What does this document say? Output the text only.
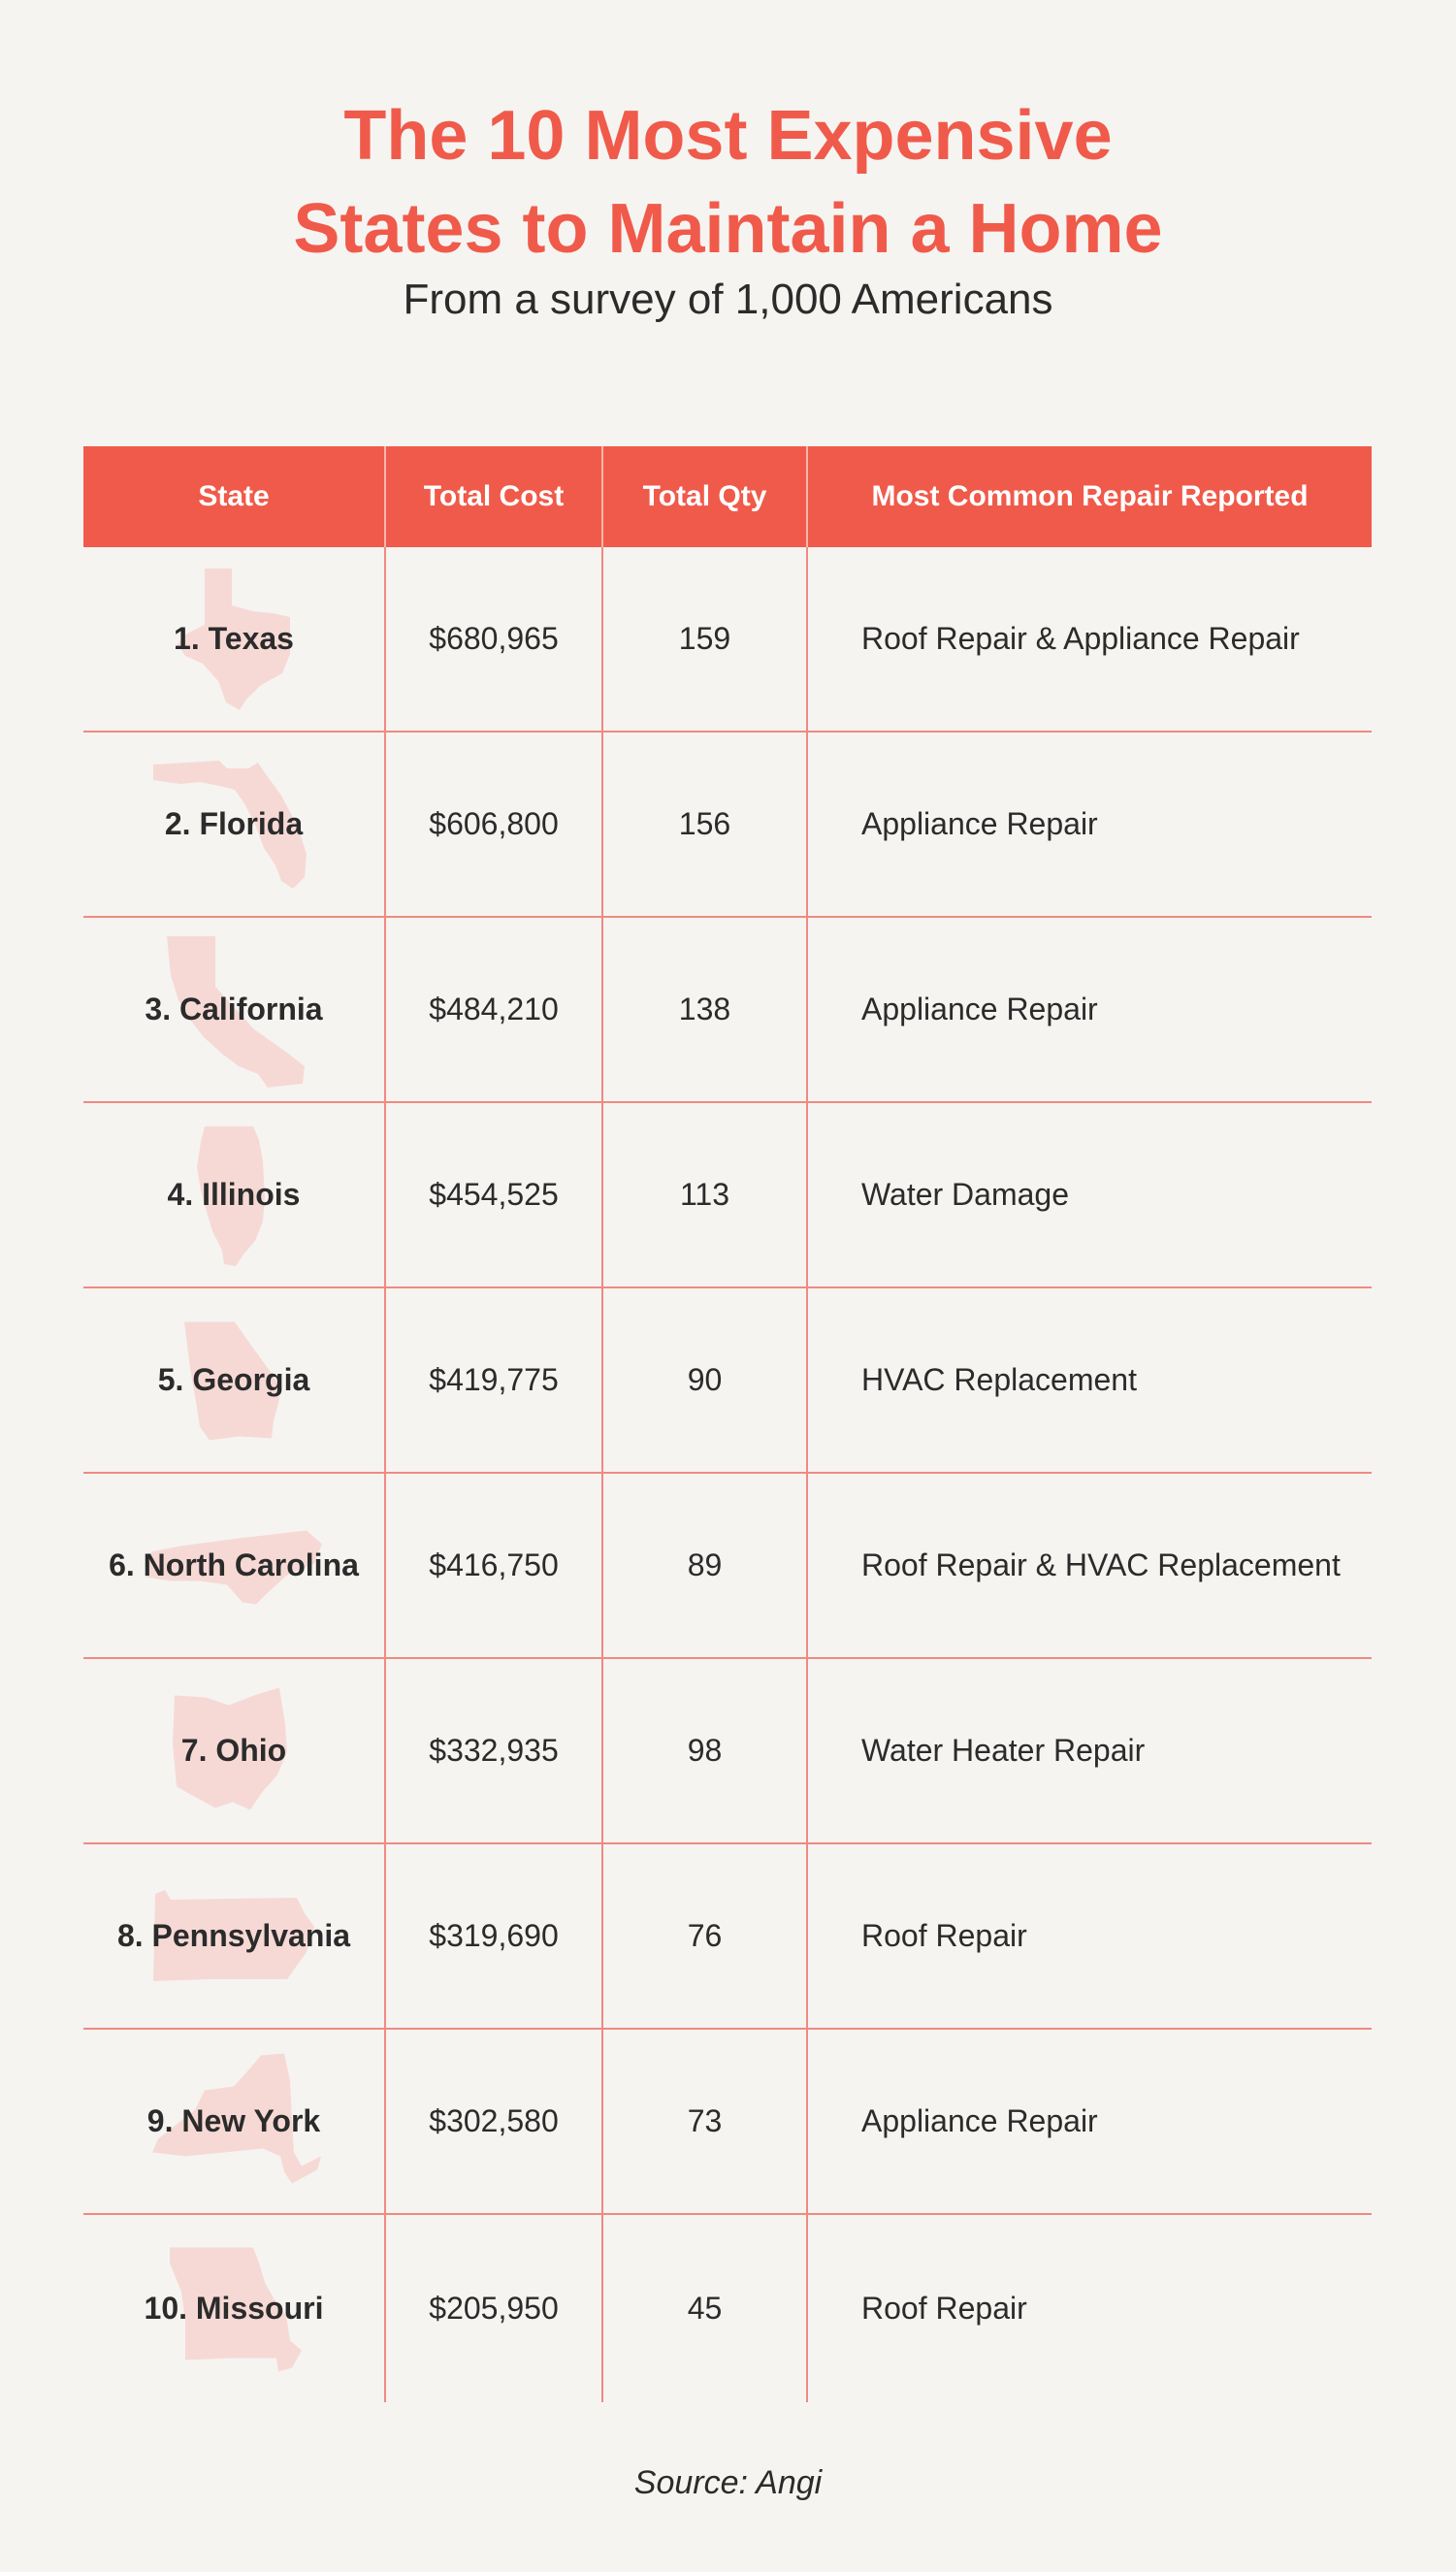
The 10 Most Expensive
States to Maintain a Home
From a survey of 1,000 Americans
State	Total Cost	Total Qty	Most Common Repair Reported
1. Texas	$680,965	159	Roof Repair & Appliance Repair
2. Florida	$606,800	156	Appliance Repair
3. California	$484,210	138	Appliance Repair
4. Illinois	$454,525	113	Water Damage
5. Georgia	$419,775	90	HVAC Replacement
6. North Carolina	$416,750	89	Roof Repair & HVAC Replacement
7. Ohio	$332,935	98	Water Heater Repair
8. Pennsylvania	$319,690	76	Roof Repair
9. New York	$302,580	73	Appliance Repair
10. Missouri	$205,950	45	Roof Repair
Source: Angi
